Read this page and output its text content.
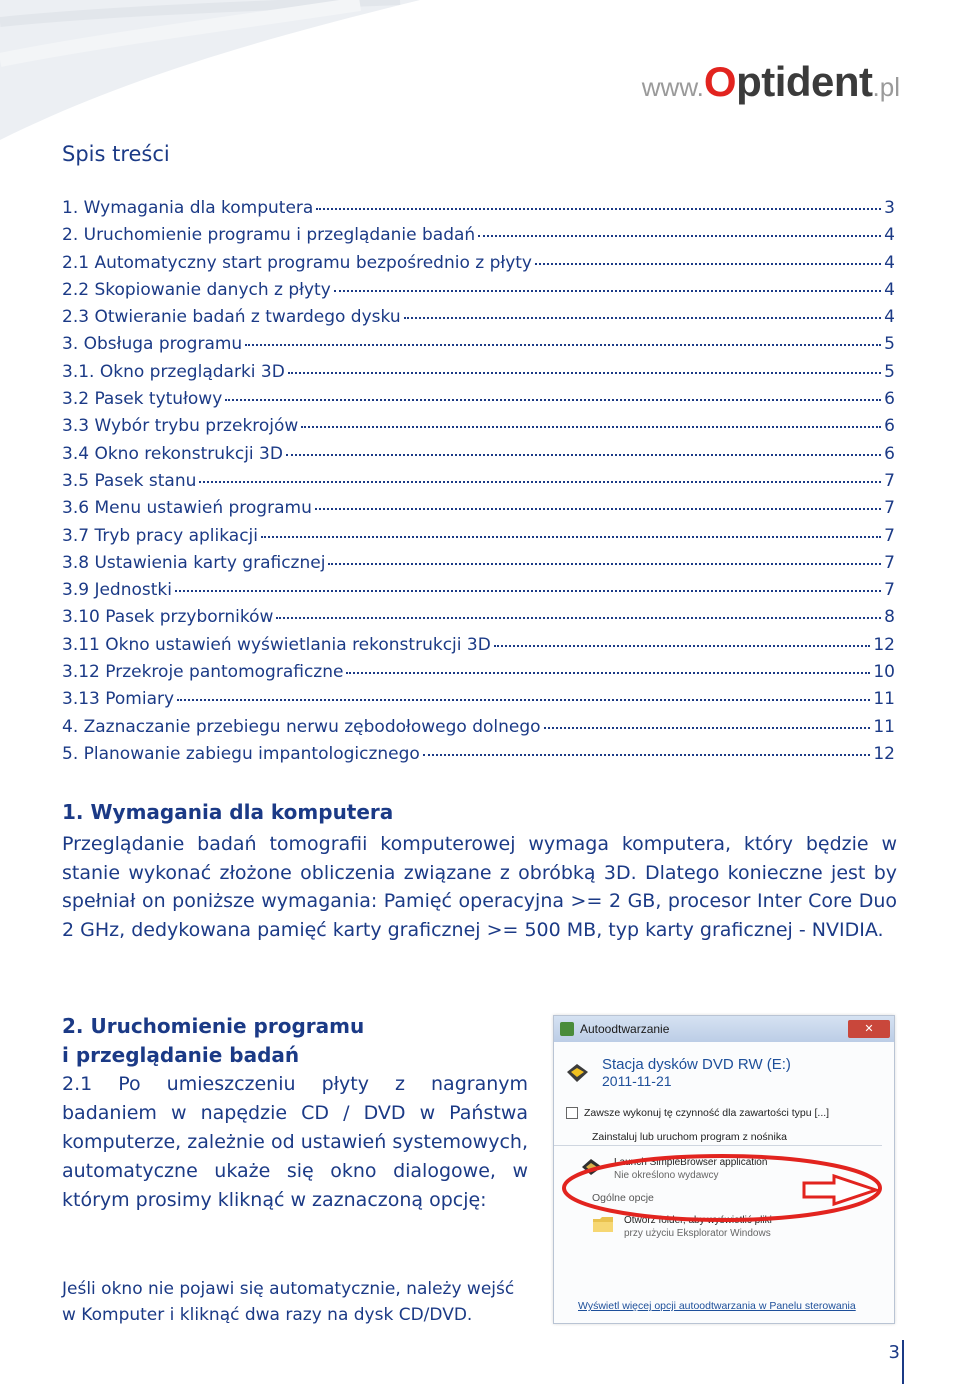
www. Optident .pl
Spis treści
1. Wymagania dla komputera	3
2. Uruchomienie programu i przeglądanie badań	4
2.1 Automatyczny start programu bezpośrednio z płyty	4
2.2 Skopiowanie danych z płyty	4
2.3 Otwieranie badań z twardego dysku	4
3. Obsługa programu	5
3.1. Okno przeglądarki 3D	5
3.2 Pasek tytułowy	6
3.3 Wybór trybu przekrojów	6
3.4 Okno rekonstrukcji 3D	6
3.5 Pasek stanu	7
3.6 Menu ustawień programu	7
3.7 Tryb pracy aplikacji	7
3.8 Ustawienia karty graficznej	7
3.9 Jednostki	7
3.10 Pasek przyborników	8
3.11 Okno ustawień wyświetlania rekonstrukcji 3D	12
3.12 Przekroje pantomograficzne	10
3.13 Pomiary	11
4. Zaznaczanie przebiegu nerwu zębodołowego dolnego	11
5. Planowanie zabiegu impantologicznego	12
1. Wymagania dla komputera

Przeglądanie badań tomografii komputerowej wymaga komputera, który będzie w stanie wykonać złożone obliczenia związane z obróbką 3D. Dlatego konieczne jest by spełniał on poniższe wymagania: Pamięć operacyjna >= 2 GB, procesor Inter Core Duo 2 GHz, dedykowana pamięć karty graficznej >= 500 MB, typ karty graficznej - NVIDIA.

2. Uruchomienie programu
i przeglądanie badań

2.1 Po umieszczeniu płyty z nagranym badaniem w napędzie CD / DVD w Państwa komputerze, zależnie od ustawień systemowych, automatyczne ukaże się okno dialogowe, w którym prosimy kliknąć w zaznaczoną opcję:

Jeśli okno nie pojawi się automatycznie, należy wejść w Komputer i kliknąć dwa razy na dysk CD/DVD.

Autoodtwarzanie	✕
Stacja dysków DVD RW (E:)
2011-11-21
Zawsze wykonuj tę czynność dla zawartości typu [...]
Zainstaluj lub uruchom program z nośnika
Launch SimpleBrowser application
Nie określono wydawcy
Ogólne opcje
Otwórz folder, aby wyświetlić pliki
przy użyciu Eksplorator Windows
Wyświetl więcej opcji autoodtwarzania w Panelu sterowania
3
